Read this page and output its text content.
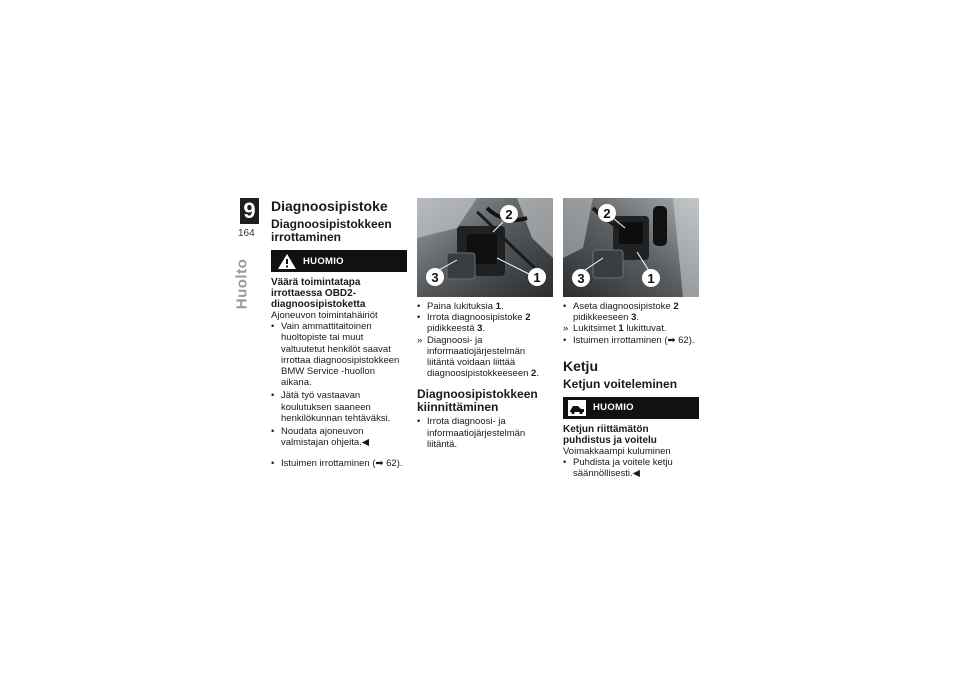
9
164
Huolto
Diagnoosipistoke
Diagnoosipistokkeen irrottaminen
HUOMIO
Väärä toimintatapa irrottaessa OBD2-diagnoosipistoketta
Ajoneuvon toimintahäiriöt
• Vain ammattitaitoinen huoltopiste tai muut valtuutetut henkilöt saavat irrottaa diagnoosipistokkeen BMW Service -huollon aikana.
• Jätä työ vastaavan koulutuksen saaneen henkilökunnan tehtäväksi.
• Noudata ajoneuvon valmistajan ohjeita.◀
• Istuimen irrottaminen (➡ 62).
2
3	1
• Paina lukituksia 1.
• Irrota diagnoosipistoke 2 pidikkeestä 3.
» Diagnoosi- ja informaatiojärjestelmän liitäntä voidaan liittää diagnoosipistokkeeseen 2.
Diagnoosipistokkeen kiinnittäminen
• Irrota diagnoosi- ja informaatiojärjestelmän liitäntä.
2
3	1
• Aseta diagnoosipistoke 2 pidikkeeseen 3.
» Lukitsimet 1 lukittuvat.
• Istuimen irrottaminen (➡ 62).
Ketju
Ketjun voiteleminen
HUOMIO
Ketjun riittämätön puhdistus ja voitelu
Voimakkaampi kuluminen
• Puhdista ja voitele ketju säännöllisesti.◀
